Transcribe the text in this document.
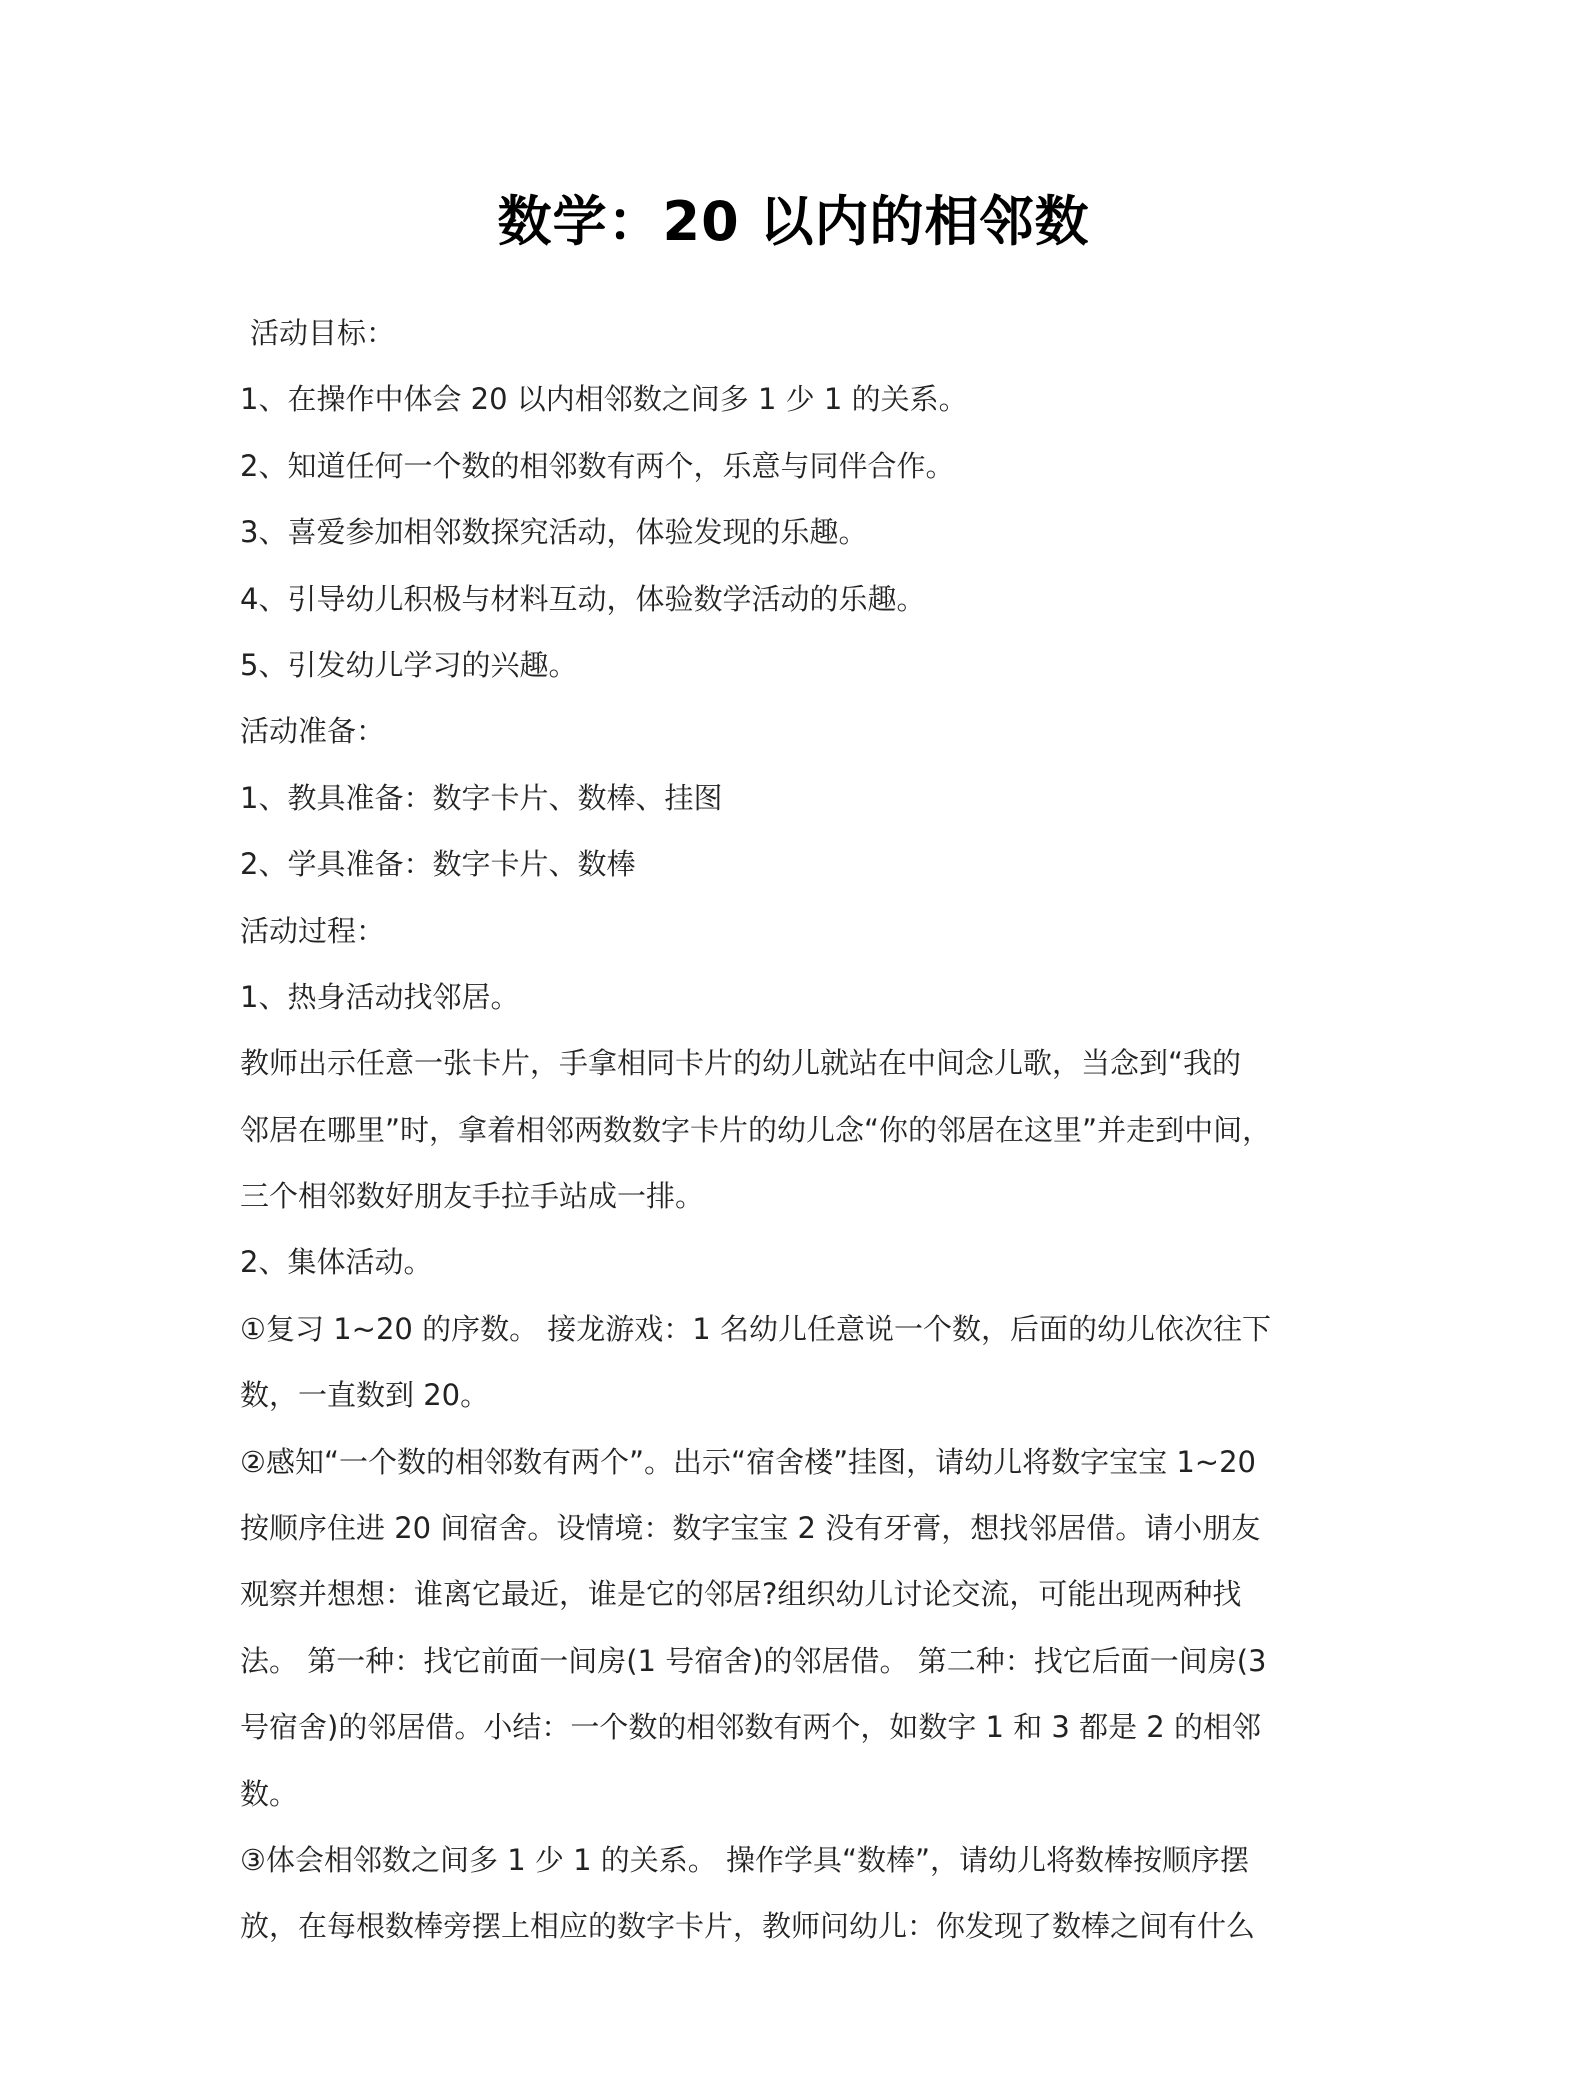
数学：20 以内的相邻数
活动目标：
1、在操作中体会 20 以内相邻数之间多 1 少 1 的关系。
2、知道任何一个数的相邻数有两个，乐意与同伴合作。
3、喜爱参加相邻数探究活动，体验发现的乐趣。
4、引导幼儿积极与材料互动，体验数学活动的乐趣。
5、引发幼儿学习的兴趣。
活动准备：
1、教具准备：数字卡片、数棒、挂图
2、学具准备：数字卡片、数棒
活动过程：
1、热身活动找邻居。
教师出示任意一张卡片，手拿相同卡片的幼儿就站在中间念儿歌，当念到“我的
邻居在哪里”时，拿着相邻两数数字卡片的幼儿念“你的邻居在这里”并走到中间，
三个相邻数好朋友手拉手站成一排。
2、集体活动。
①复习 1~20 的序数。 接龙游戏：1 名幼儿任意说一个数，后面的幼儿依次往下
数，一直数到 20。
②感知“一个数的相邻数有两个”。出示“宿舍楼”挂图，请幼儿将数字宝宝 1~20
按顺序住进 20 间宿舍。设情境：数字宝宝 2 没有牙膏，想找邻居借。请小朋友
观察并想想：谁离它最近，谁是它的邻居?组织幼儿讨论交流，可能出现两种找
法。 第一种：找它前面一间房(1 号宿舍)的邻居借。 第二种：找它后面一间房(3
号宿舍)的邻居借。小结：一个数的相邻数有两个，如数字 1 和 3 都是 2 的相邻
数。
③体会相邻数之间多 1 少 1 的关系。 操作学具“数棒”，请幼儿将数棒按顺序摆
放，在每根数棒旁摆上相应的数字卡片，教师问幼儿：你发现了数棒之间有什么
